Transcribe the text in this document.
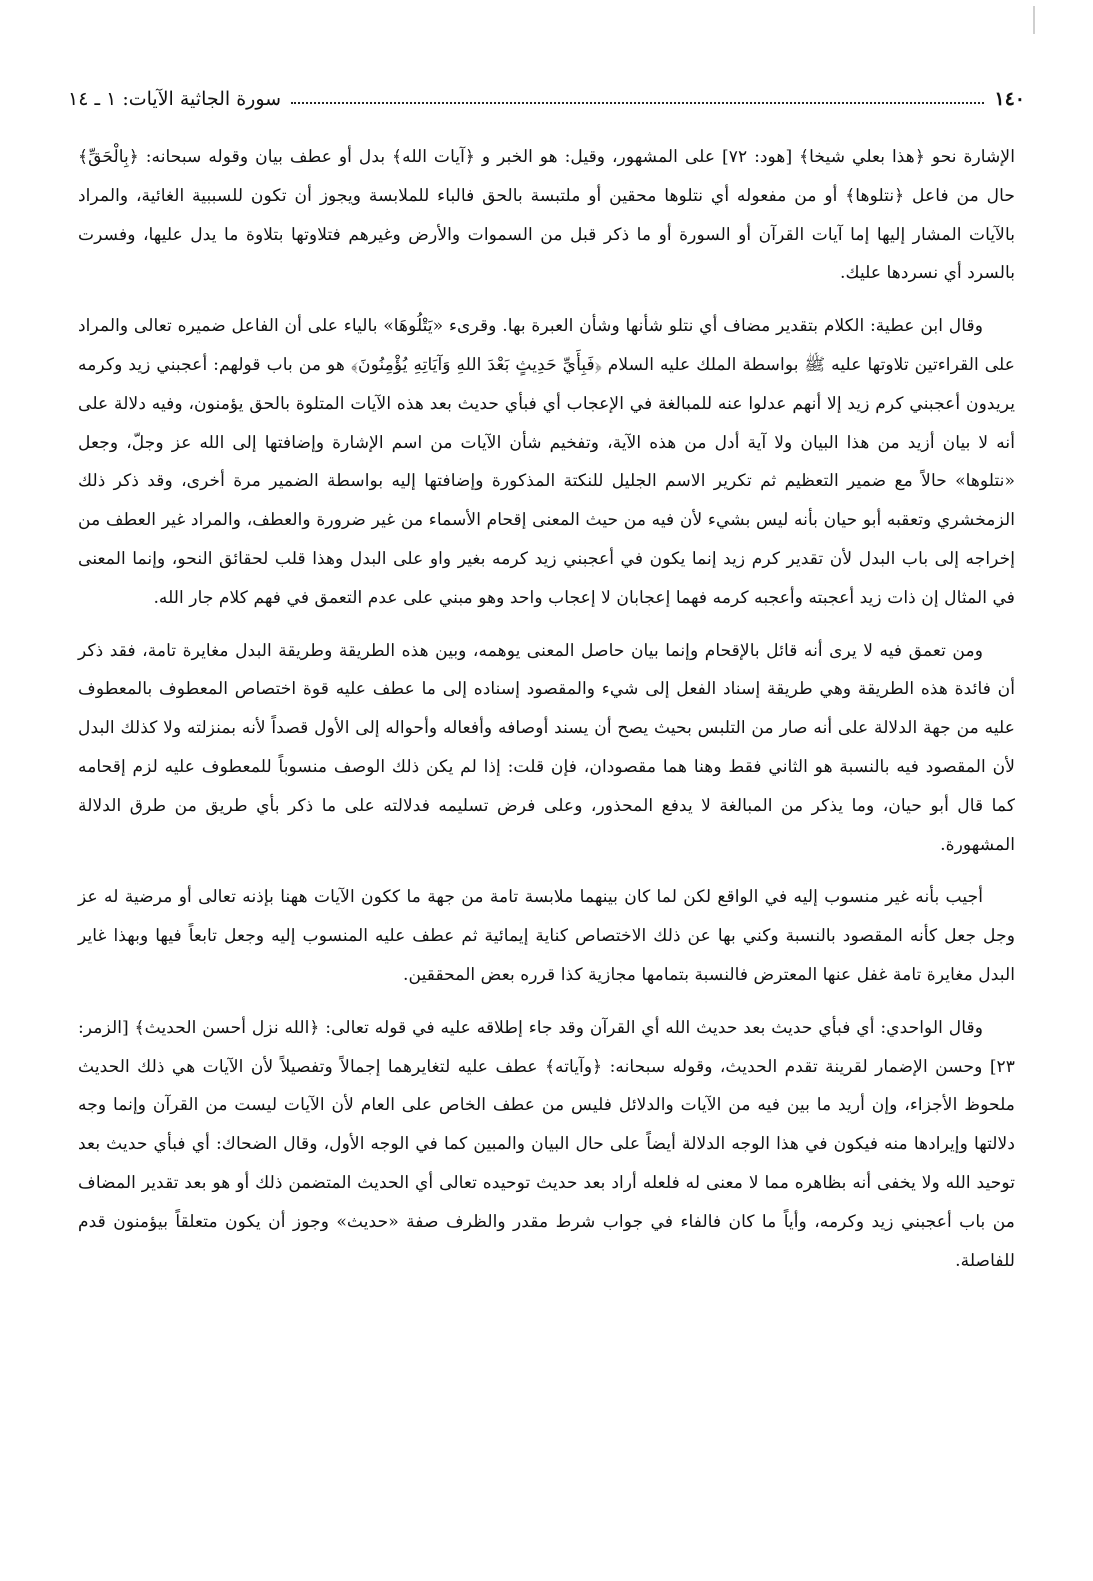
١٤٠
سورة الجاثية الآيات: ١ ـ ١٤

الإشارة نحو ﴿هذا بعلي شيخا﴾ [هود: ٧٢] على المشهور، وقيل: هو الخبر و ﴿آيات الله﴾ بدل أو عطف بيان وقوله سبحانه: ﴿بِالْحَقِّ﴾ حال من فاعل ﴿نتلوها﴾ أو من مفعوله أي نتلوها محقين أو ملتبسة بالحق فالباء للملابسة ويجوز أن تكون للسببية الغائية، والمراد بالآيات المشار إليها إما آيات القرآن أو السورة أو ما ذكر قبل من السموات والأرض وغيرهم فتلاوتها بتلاوة ما يدل عليها، وفسرت بالسرد أي نسردها عليك.

وقال ابن عطية: الكلام بتقدير مضاف أي نتلو شأنها وشأن العبرة بها. وقرىء «يَتْلُوهَا» بالياء على أن الفاعل ضميره تعالى والمراد على القراءتين تلاوتها عليه ﷺ بواسطة الملك عليه السلام ﴿فَبِأَيِّ حَدِيثٍ بَعْدَ اللهِ وَآيَاتِهِ يُؤْمِنُونَ﴾ هو من باب قولهم: أعجبني زيد وكرمه يريدون أعجبني كرم زيد إلا أنهم عدلوا عنه للمبالغة في الإعجاب أي فبأي حديث بعد هذه الآيات المتلوة بالحق يؤمنون، وفيه دلالة على أنه لا بيان أزيد من هذا البيان ولا آية أدل من هذه الآية، وتفخيم شأن الآيات من اسم الإشارة وإضافتها إلى الله عز وجلّ، وجعل «نتلوها» حالاً مع ضمير التعظيم ثم تكرير الاسم الجليل للنكتة المذكورة وإضافتها إليه بواسطة الضمير مرة أخرى، وقد ذكر ذلك الزمخشري وتعقبه أبو حيان بأنه ليس بشيء لأن فيه من حيث المعنى إقحام الأسماء من غير ضرورة والعطف، والمراد غير العطف من إخراجه إلى باب البدل لأن تقدير كرم زيد إنما يكون في أعجبني زيد كرمه بغير واو على البدل وهذا قلب لحقائق النحو، وإنما المعنى في المثال إن ذات زيد أعجبته وأعجبه كرمه فهما إعجابان لا إعجاب واحد وهو مبني على عدم التعمق في فهم كلام جار الله.

ومن تعمق فيه لا يرى أنه قائل بالإقحام وإنما بيان حاصل المعنى يوهمه، وبين هذه الطريقة وطريقة البدل مغايرة تامة، فقد ذكر أن فائدة هذه الطريقة وهي طريقة إسناد الفعل إلى شيء والمقصود إسناده إلى ما عطف عليه قوة اختصاص المعطوف بالمعطوف عليه من جهة الدلالة على أنه صار من التلبس بحيث يصح أن يسند أوصافه وأفعاله وأحواله إلى الأول قصداً لأنه بمنزلته ولا كذلك البدل لأن المقصود فيه بالنسبة هو الثاني فقط وهنا هما مقصودان، فإن قلت: إذا لم يكن ذلك الوصف منسوباً للمعطوف عليه لزم إقحامه كما قال أبو حيان، وما يذكر من المبالغة لا يدفع المحذور، وعلى فرض تسليمه فدلالته على ما ذكر بأي طريق من طرق الدلالة المشهورة.

أجيب بأنه غير منسوب إليه في الواقع لكن لما كان بينهما ملابسة تامة من جهة ما ككون الآيات ههنا بإذنه تعالى أو مرضية له عز وجل جعل كأنه المقصود بالنسبة وكني بها عن ذلك الاختصاص كناية إيمائية ثم عطف عليه المنسوب إليه وجعل تابعاً فيها وبهذا غاير البدل مغايرة تامة غفل عنها المعترض فالنسبة بتمامها مجازية كذا قرره بعض المحققين.

وقال الواحدي: أي فبأي حديث بعد حديث الله أي القرآن وقد جاء إطلاقه عليه في قوله تعالى: ﴿الله نزل أحسن الحديث﴾ [الزمر: ٢٣] وحسن الإضمار لقرينة تقدم الحديث، وقوله سبحانه: ﴿وآياته﴾ عطف عليه لتغايرهما إجمالاً وتفصيلاً لأن الآيات هي ذلك الحديث ملحوظ الأجزاء، وإن أريد ما بين فيه من الآيات والدلائل فليس من عطف الخاص على العام لأن الآيات ليست من القرآن وإنما وجه دلالتها وإيرادها منه فيكون في هذا الوجه الدلالة أيضاً على حال البيان والمبين كما في الوجه الأول، وقال الضحاك: أي فبأي حديث بعد توحيد الله ولا يخفى أنه بظاهره مما لا معنى له فلعله أراد بعد حديث توحيده تعالى أي الحديث المتضمن ذلك أو هو بعد تقدير المضاف من باب أعجبني زيد وكرمه، وأياً ما كان فالفاء في جواب شرط مقدر والظرف صفة «حديث» وجوز أن يكون متعلقاً بيؤمنون قدم للفاصلة.
